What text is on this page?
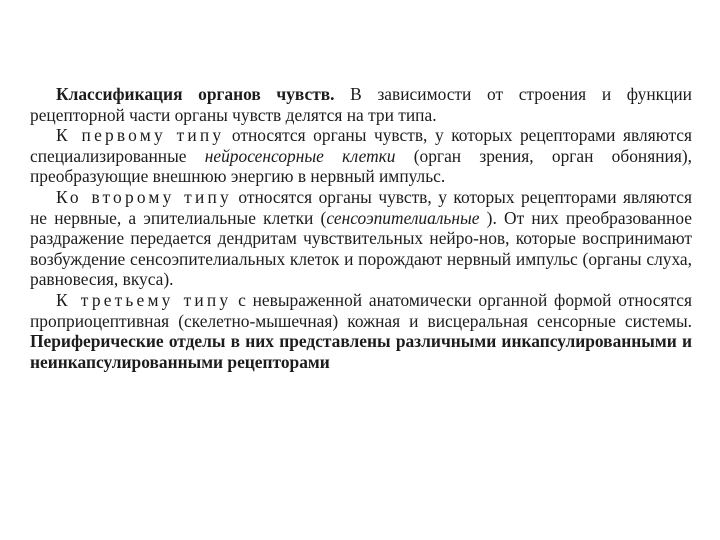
Классификация органов чувств. В зависимости от строения и функции рецепторной части органы чувств делятся на три типа.

К первому типу относятся органы чувств, у которых рецепторами являются специализированные нейросенсорные клетки (орган зрения, орган обоняния), преобразующие внешнюю энергию в нервный импульс.

Ко второму типу относятся органы чувств, у которых рецепторами являются не нервные, а эпителиальные клетки (сенсоэпителиальные ). От них преобразованное раздражение передается дендритам чувствительных нейро-нов, которые воспринимают возбуждение сенсоэпителиальных клеток и порождают нервный импульс (органы слуха, равновесия, вкуса).

К третьему типу с невыраженной анатомически органной формой относятся проприоцептивная (скелетно-мышечная) кожная и висцеральная сенсорные системы. Периферические отделы в них представлены различными инкапсулированными и неинкапсулированными рецепторами
